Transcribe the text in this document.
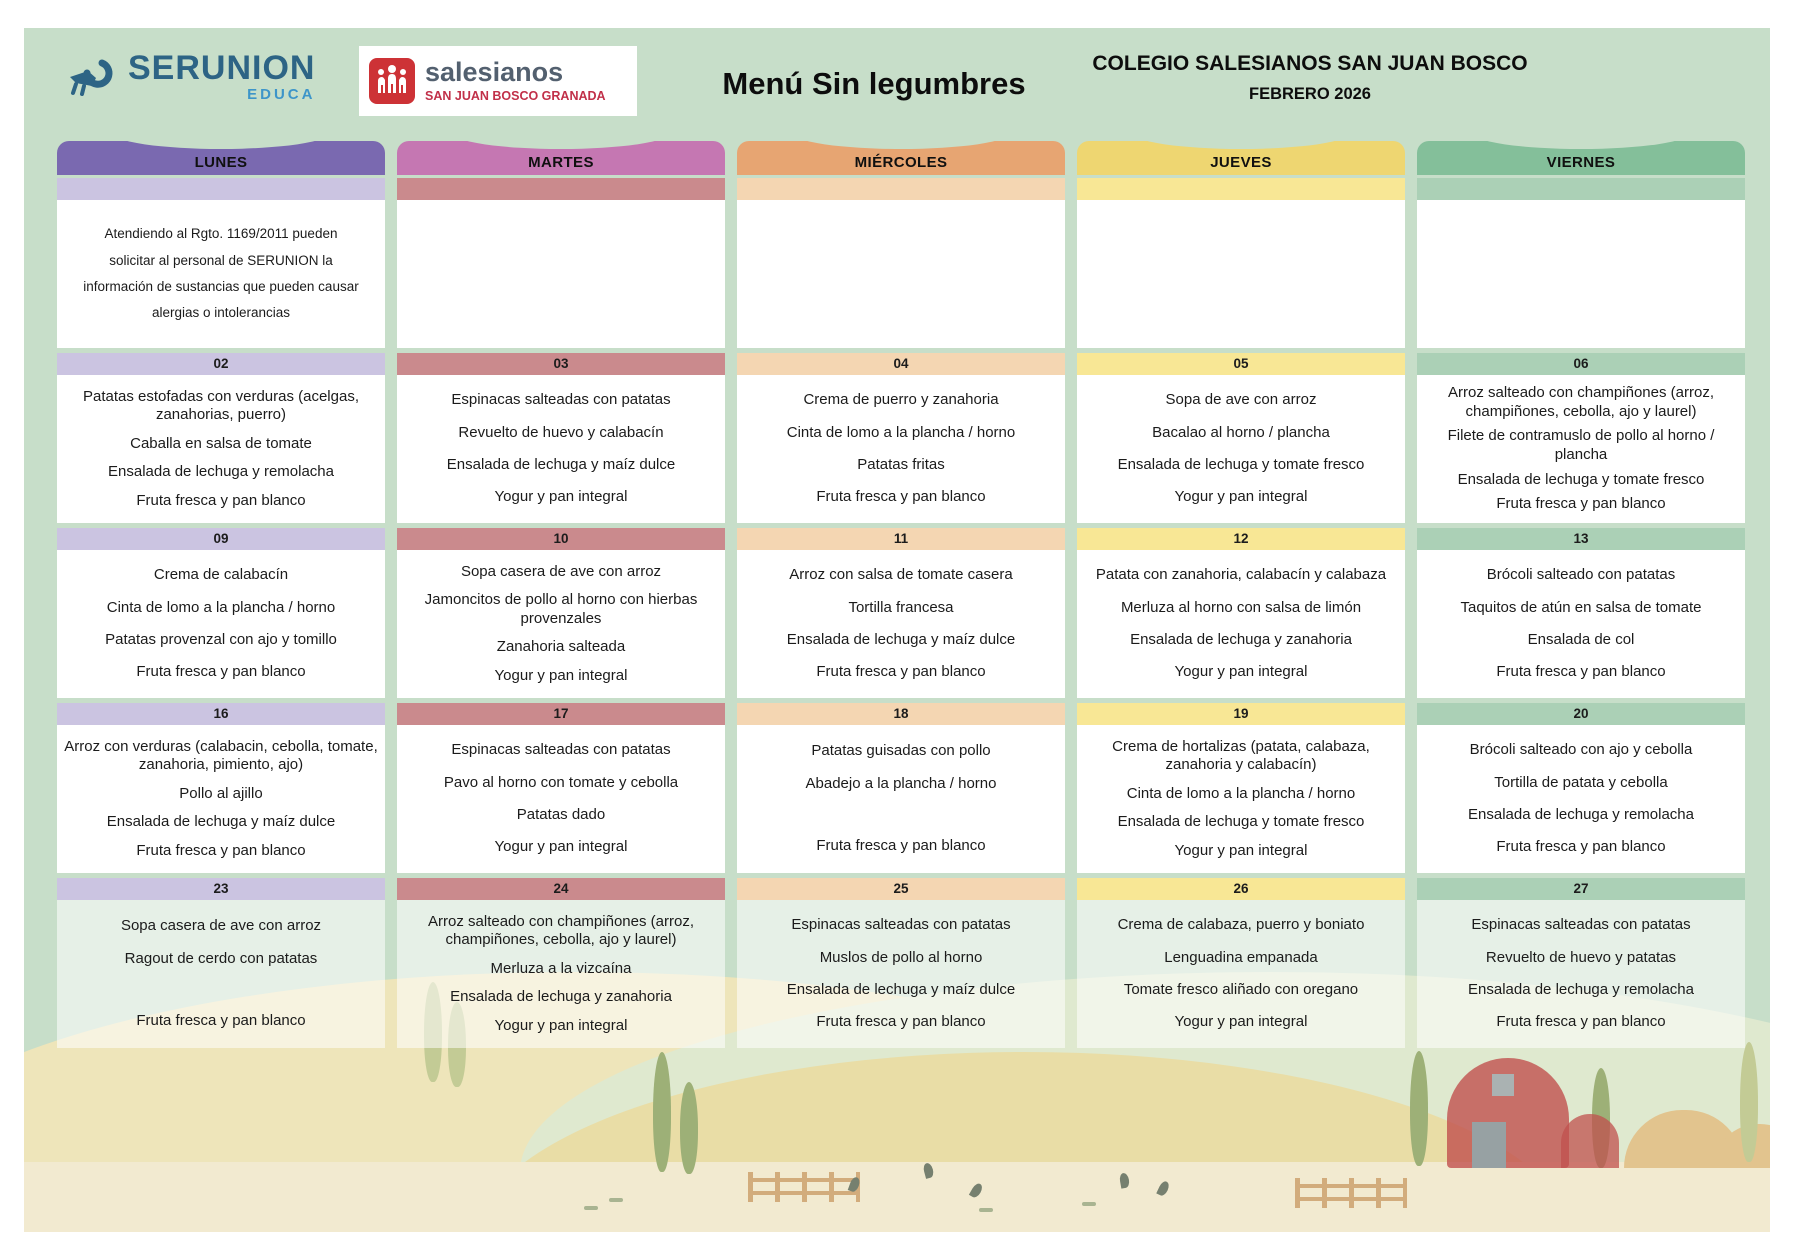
SERUNION
EDUCA
salesianos
SAN JUAN BOSCO GRANADA	Menú Sin legumbres
COLEGIO SALESIANOS SAN JUAN BOSCO
FEBRERO 2026
LUNES
Atendiendo al Rgto. 1169/2011 pueden solicitar al personal de SERUNION la información de sustancias que pueden causar alergias o intolerancias
02
Patatas estofadas con verduras (acelgas, zanahorias, puerro)
Caballa en salsa de tomate
Ensalada de lechuga y remolacha
Fruta fresca y pan blanco
09
Crema de calabacín
Cinta de lomo a la plancha / horno
Patatas provenzal con ajo y tomillo
Fruta fresca y pan blanco
16
Arroz con verduras (calabacin, cebolla, tomate, zanahoria, pimiento, ajo)
Pollo al ajillo
Ensalada de lechuga y maíz dulce
Fruta fresca y pan blanco
23
Sopa casera de ave con arroz
Ragout de cerdo con patatas
Fruta fresca y pan blanco
MARTES
03
Espinacas salteadas con patatas
Revuelto de huevo y calabacín
Ensalada de lechuga y maíz dulce
Yogur y pan integral
10
Sopa casera de ave con arroz
Jamoncitos de pollo al horno con hierbas provenzales
Zanahoria salteada
Yogur y pan integral
17
Espinacas salteadas con patatas
Pavo al horno con tomate y cebolla
Patatas dado
Yogur y pan integral
24
Arroz salteado con champiñones (arroz, champiñones, cebolla, ajo y laurel)
Merluza a la vizcaína
Ensalada de lechuga y zanahoria
Yogur y pan integral
MIÉRCOLES
04
Crema de puerro y zanahoria
Cinta de lomo a la plancha / horno
Patatas fritas
Fruta fresca y pan blanco
11
Arroz con salsa de tomate casera
Tortilla francesa
Ensalada de lechuga y maíz dulce
Fruta fresca y pan blanco
18
Patatas guisadas con pollo
Abadejo a la plancha / horno
Fruta fresca y pan blanco
25
Espinacas salteadas con patatas
Muslos de pollo al horno
Ensalada de lechuga y maíz dulce
Fruta fresca y pan blanco
JUEVES
05
Sopa de ave con arroz
Bacalao al horno / plancha
Ensalada de lechuga y tomate fresco
Yogur y pan integral
12
Patata con zanahoria, calabacín y calabaza
Merluza al horno con salsa de limón
Ensalada de lechuga y zanahoria
Yogur y pan integral
19
Crema de hortalizas (patata, calabaza, zanahoria y calabacín)
Cinta de lomo a la plancha / horno
Ensalada de lechuga y tomate fresco
Yogur y pan integral
26
Crema de calabaza, puerro y boniato
Lenguadina empanada
Tomate fresco aliñado con oregano
Yogur y pan integral
VIERNES
06
Arroz salteado con champiñones (arroz, champiñones, cebolla, ajo y laurel)
Filete de contramuslo de pollo al horno / plancha
Ensalada de lechuga y tomate fresco
Fruta fresca y pan blanco
13
Brócoli salteado con patatas
Taquitos de atún en salsa de tomate
Ensalada de col
Fruta fresca y pan blanco
20
Brócoli salteado con ajo y cebolla
Tortilla de patata y cebolla
Ensalada de lechuga y remolacha
Fruta fresca y pan blanco
27
Espinacas salteadas con patatas
Revuelto de huevo y patatas
Ensalada de lechuga y remolacha
Fruta fresca y pan blanco
